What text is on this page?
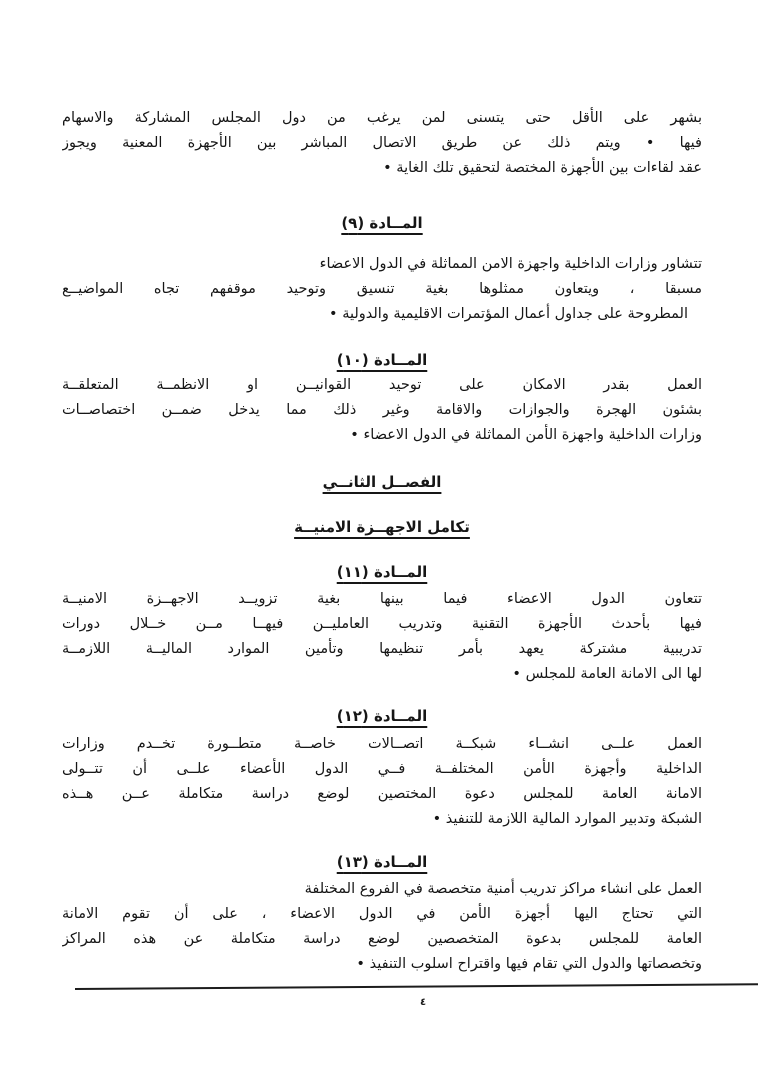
بشهر على الأقل حتى يتسنى لمن يرغب من دول المجلس المشاركة والاسهام
فيها • ويتم ذلك عن طريق الاتصال المباشر بين الأجهزة المعنية ويجوز
عقد لقاءات بين الأجهزة المختصة لتحقيق تلك الغاية •
المــادة (٩)
تتشاور وزارات الداخلية واجهزة الامن المماثلة في الدول الاعضاء
مسبقا ، ويتعاون ممثلوها بغية تنسيق وتوحيد موقفهم تجاه المواضيــع
المطروحة على جداول أعمال المؤتمرات الاقليمية والدولية •
المــادة (١٠)
العمل بقدر الامكان على توحيد القوانيــن او الانظمــة المتعلقــة
بشئون الهجرة والجوازات والاقامة وغير ذلك مما يدخل ضمــن اختصاصــات
وزارات الداخلية واجهزة الأمن المماثلة في الدول الاعضاء •
الفصــل الثانــي
تكامل الاجهــزة الامنيــة
المــادة (١١)
تتعاون الدول الاعضاء فيما بينها بغية تزويــد الاجهــزة الامنيــة
فيها بأحدث الأجهزة التقنية وتدريب العامليــن فيهــا مــن خــلال دورات
تدريبية مشتركة يعهد بأمر تنظيمها وتأمين الموارد الماليــة اللازمــة
لها الى الامانة العامة للمجلس •
المــادة (١٢)
العمل علــى انشــاء شبكــة اتصــالات خاصــة متطــورة تخــدم وزارات
الداخلية وأجهزة الأمن المختلفــة فــي الدول الأعضاء علــى أن تتــولى
الامانة العامة للمجلس دعوة المختصين لوضع دراسة متكاملة عــن هــذه
الشبكة وتدبير الموارد المالية اللازمة للتنفيذ •
المــادة (١٣)
العمل على انشاء مراكز تدريب أمنية متخصصة في الفروع المختلفة
التي تحتاج اليها أجهزة الأمن في الدول الاعضاء ، على أن تقوم الامانة
العامة للمجلس بدعوة المتخصصين لوضع دراسة متكاملة عن هذه المراكز
وتخصصاتها والدول التي تقام فيها واقتراح اسلوب التنفيذ •
٤
